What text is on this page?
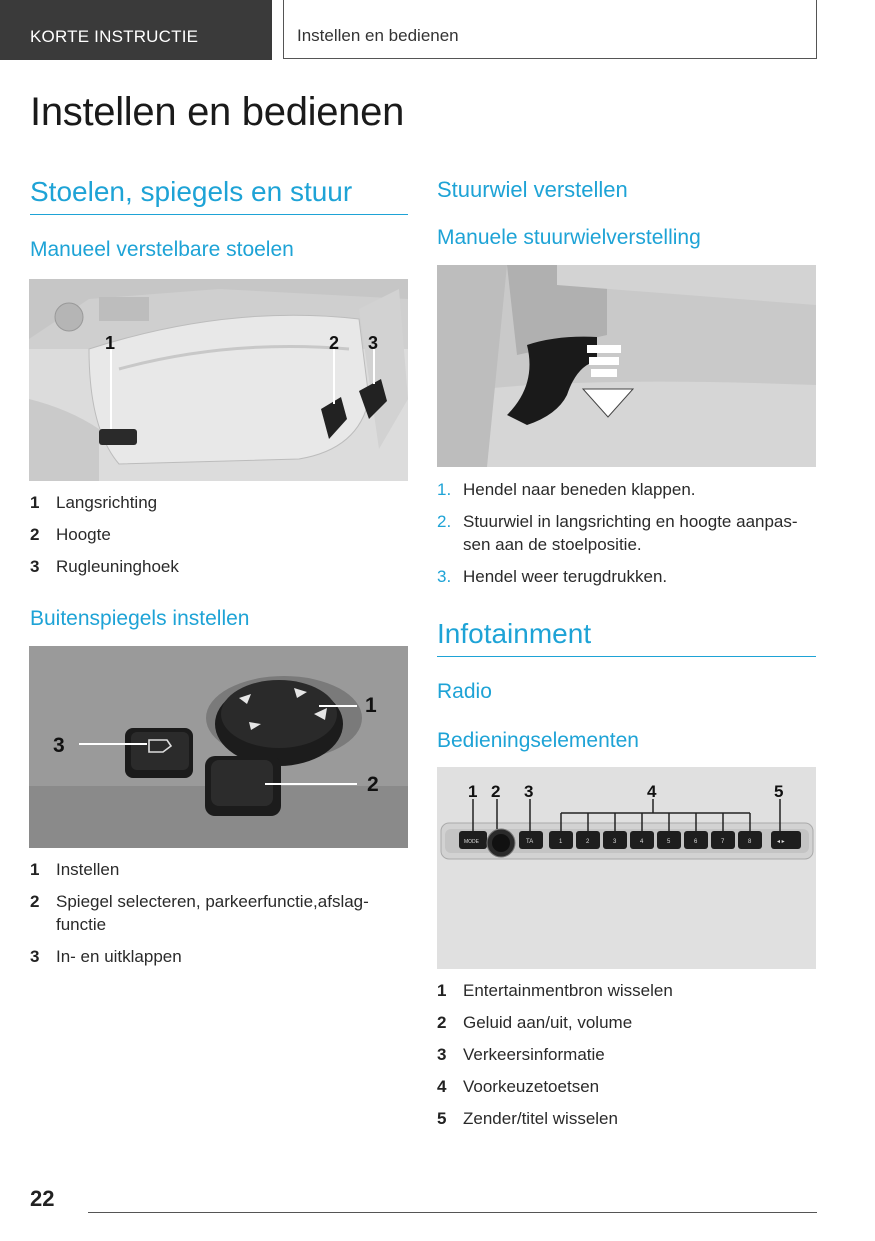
KORTE INSTRUCTIE	Instellen en bedienen
Instellen en bedienen
Stoelen, spiegels en stuur
Manueel verstelbare stoelen
1	2 3
1 Langsrichting
2 Hoogte
3 Rugleuninghoek
Buitenspiegels instellen
1
2
3
1 Instellen
2 Spiegel selecteren, parkeerfunctie,afslag-functie
3 In- en uitklappen
Stuurwiel verstellen
Manuele stuurwielverstelling
1. Hendel naar beneden klappen.
2. Stuurwiel in langsrichting en hoogte aanpas-sen aan de stoelpositie.
3. Hendel weer terugdrukken.
Infotainment
Radio
Bedieningselementen
MODE	TA	1	2	3	4	5	6	7	8	◂ ▸
1 2 3	4	5
1 Entertainmentbron wisselen
2 Geluid aan/uit, volume
3 Verkeersinformatie
4 Voorkeuzetoetsen
5 Zender/titel wisselen
22
